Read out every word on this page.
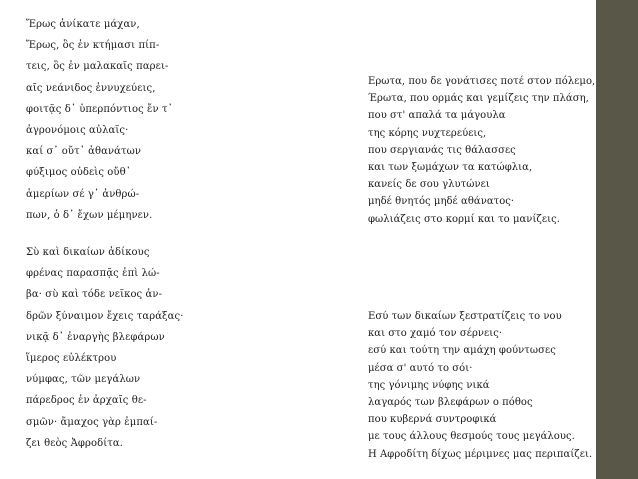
Ἔρως ἀνίκατε μάχαν,
Ἔρως, ὃς ἐν κτήμασι πίπ-
τεις, ὃς ἐν μαλακαῖς παρει-
αῖς νεάνιδος ἐννυχεύεις,
φοιτᾷς δ᾽ ὑπερπόντιος ἔν τ᾽
ἀγρονόμοις αὐλαῖς·
καί σ᾽ οὔτ᾽ ἀθανάτων
φύξιμος οὐδεὶς οὔθ᾽
ἁμερίων σέ γ᾽ ἀνθρώ-
πων, ὁ δ᾽ ἔχων μέμηνεν.
Σὺ καὶ δικαίων ἀδίκους
φρένας παρασπᾷς ἐπὶ λώ-
βα· σὺ καὶ τόδε νεῖκος ἀν-
δρῶν ξύναιμον ἔχεις ταράξας·
νικᾷ δ᾽ ἐναργὴς βλεφάρων
ἵμερος εὐλέκτρου
νύμφας, τῶν μεγάλων
πάρεδρος ἐν ἀρχαῖς θε-
σμῶν· ἄμαχος γὰρ ἐμπαί-
ζει θεὸς Ἀφροδίτα.
Ερωτα, που δε γονάτισες ποτέ στον πόλεμο,
Έρωτα, που ορμάς και γεμίζεις την πλάση,
που στ' απαλά τα μάγουλα
της κόρης νυχτερεύεις,
που σεργιανάς τις θάλασσες
και των ξωμάχων τα κατώφλια,
κανείς δε σου γλυτώνει
μηδέ θνητός μηδέ αθάνατος·
φωλιάζεις στο κορμί και το μανίζεις.
Εσύ των δικαίων ξεστρατίζεις το νου
και στο χαμό τον σέρνεις·
εσύ και τούτη την αμάχη φούντωσες
μέσα σ' αυτό το σόι·
της γόνιμης νύφης νικά
λαγαρός των βλεφάρων ο πόθος
που κυβερνά συντροφικά
με τους άλλους θεσμούς τους μεγάλους.
Η Αφροδίτη δίχως μέριμνες μας περιπαίζει.
